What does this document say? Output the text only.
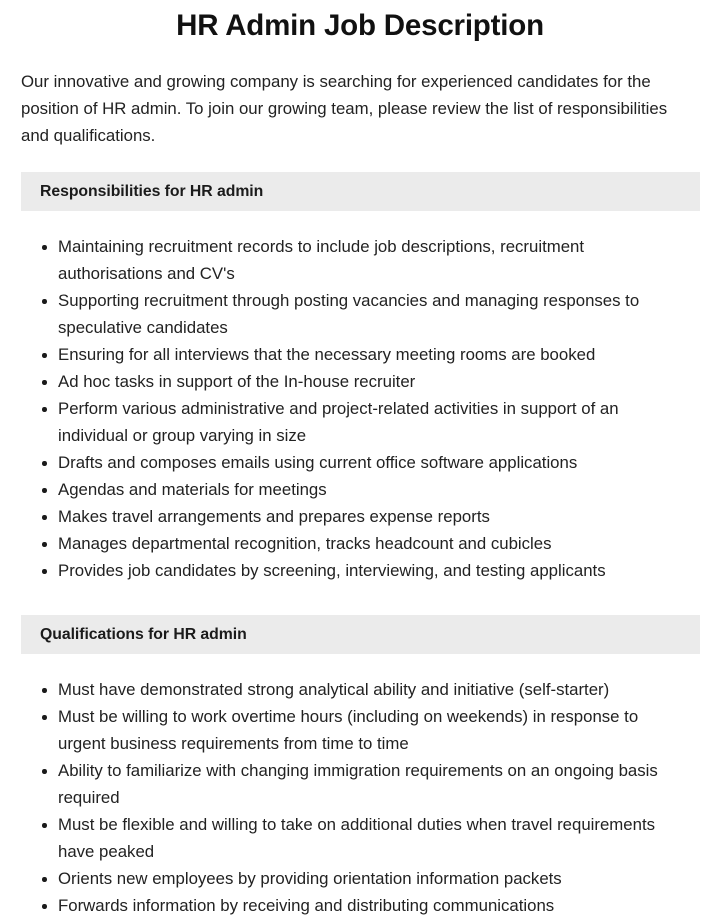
HR Admin Job Description

Our innovative and growing company is searching for experienced candidates for the position of HR admin. To join our growing team, please review the list of responsibilities and qualifications.

Responsibilities for HR admin
Maintaining recruitment records to include job descriptions, recruitment authorisations and CV's
Supporting recruitment through posting vacancies and managing responses to speculative candidates
Ensuring for all interviews that the necessary meeting rooms are booked
Ad hoc tasks in support of the In-house recruiter
Perform various administrative and project-related activities in support of an individual or group varying in size
Drafts and composes emails using current office software applications
Agendas and materials for meetings
Makes travel arrangements and prepares expense reports
Manages departmental recognition, tracks headcount and cubicles
Provides job candidates by screening, interviewing, and testing applicants
Qualifications for HR admin
Must have demonstrated strong analytical ability and initiative (self-starter)
Must be willing to work overtime hours (including on weekends) in response to urgent business requirements from time to time
Ability to familiarize with changing immigration requirements on an ongoing basis required
Must be flexible and willing to take on additional duties when travel requirements have peaked
Orients new employees by providing orientation information packets
Forwards information by receiving and distributing communications
